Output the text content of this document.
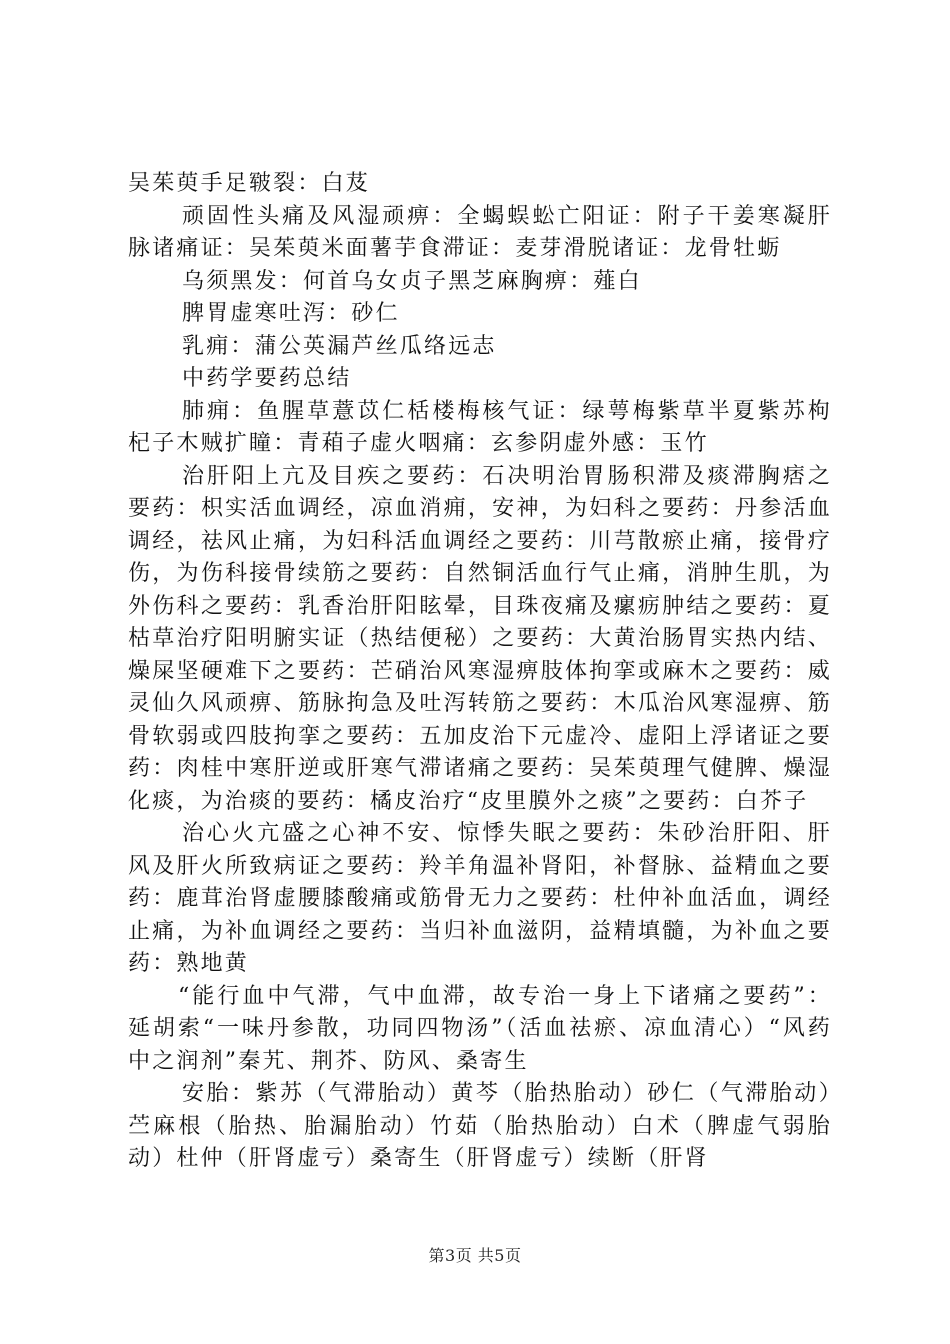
吴茱萸手足皲裂：白芨

顽固性头痛及风湿顽痹：全蝎蜈蚣亡阳证：附子干姜寒凝肝脉诸痛证：吴茱萸米面薯芋食滞证：麦芽滑脱诸证：龙骨牡蛎

乌须黑发：何首乌女贞子黑芝麻胸痹：薤白

脾胃虚寒吐泻：砂仁

乳痈：蒲公英漏芦丝瓜络远志

中药学要药总结

肺痈：鱼腥草薏苡仁栝楼梅核气证：绿萼梅紫草半夏紫苏枸杞子木贼扩瞳：青葙子虚火咽痛：玄参阴虚外感：玉竹

治肝阳上亢及目疾之要药：石决明治胃肠积滞及痰滞胸痞之要药：枳实活血调经，凉血消痈，安神，为妇科之要药：丹参活血调经，祛风止痛，为妇科活血调经之要药：川芎散瘀止痛，接骨疗伤，为伤科接骨续筋之要药：自然铜活血行气止痛，消肿生肌，为外伤科之要药：乳香治肝阳眩晕，目珠夜痛及瘰疬肿结之要药：夏枯草治疗阳明腑实证（热结便秘）之要药：大黄治肠胃实热内结、燥屎坚硬难下之要药：芒硝治风寒湿痹肢体拘挛或麻木之要药：威灵仙久风顽痹、筋脉拘急及吐泻转筋之要药：木瓜治风寒湿痹、筋骨软弱或四肢拘挛之要药：五加皮治下元虚冷、虚阳上浮诸证之要药：肉桂中寒肝逆或肝寒气滞诸痛之要药：吴茱萸理气健脾、燥湿化痰，为治痰的要药：橘皮治疗“皮里膜外之痰”之要药：白芥子

治心火亢盛之心神不安、惊悸失眠之要药：朱砂治肝阳、肝风及肝火所致病证之要药：羚羊角温补肾阳，补督脉、益精血之要药：鹿茸治肾虚腰膝酸痛或筋骨无力之要药：杜仲补血活血，调经止痛，为补血调经之要药：当归补血滋阴，益精填髓，为补血之要药：熟地黄

“能行血中气滞，气中血滞，故专治一身上下诸痛之要药”：延胡索“一味丹参散，功同四物汤”（活血祛瘀、凉血清心）“风药中之润剂”秦艽、荆芥、防风、桑寄生

安胎：紫苏（气滞胎动）黄芩（胎热胎动）砂仁（气滞胎动）苎麻根（胎热、胎漏胎动）竹茹（胎热胎动）白术（脾虚气弱胎动）杜仲（肝肾虚亏）桑寄生（肝肾虚亏）续断（肝肾

第3页 共5页
